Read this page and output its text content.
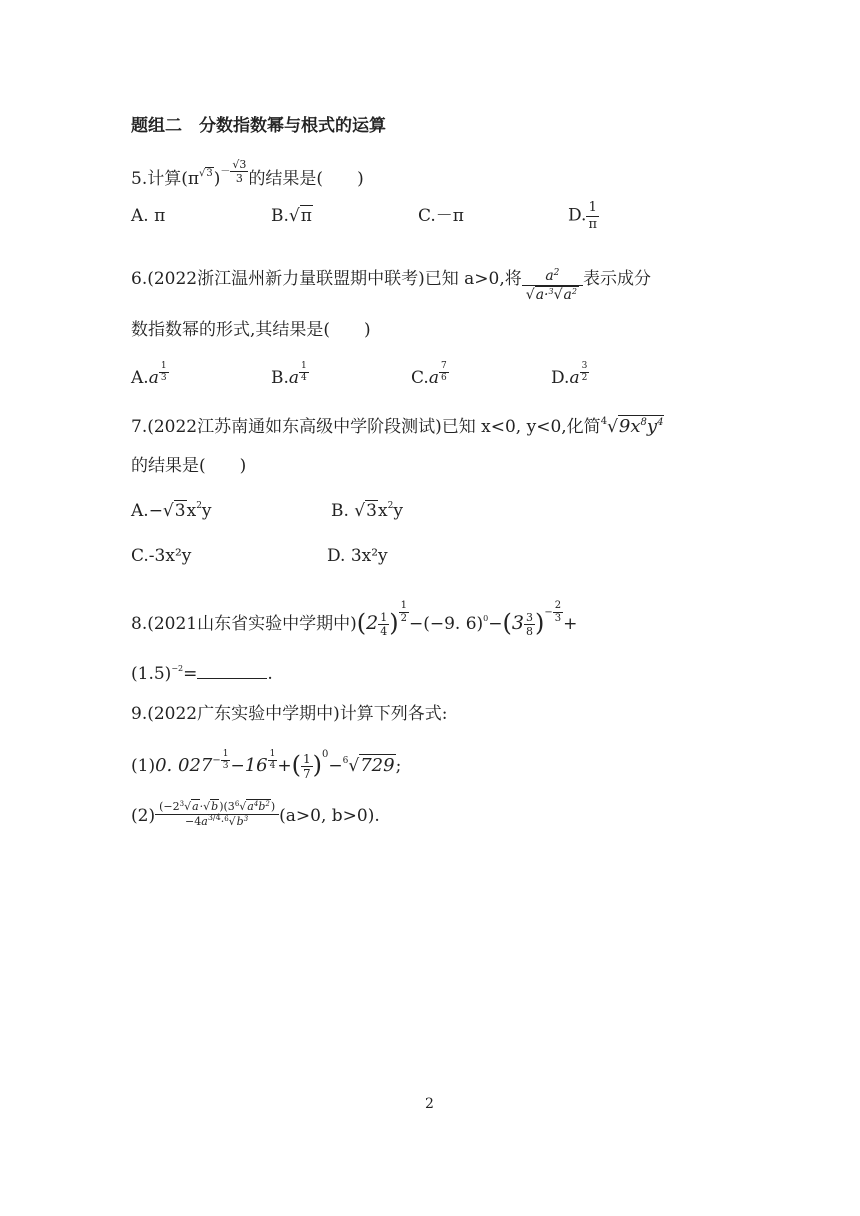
题组二　分数指数幂与根式的运算
5.计算$(\pi^{√3})^{- \frac{√3}{3}}$ 的结果是(　　)
A. π	B.√π	C.－π	D. $\frac{1}{\pi}$
6.(2022浙江温州新力量联盟期中联考)已知 a>0,将 $\frac{a^2}{√a\cdot^3√a^2}$ 表示成分
数指数幂的形式,其结果是(　　)
A.a $^{\frac{1}{3}}$	B.a $^{\frac{1}{4}}$	C.a $^{\frac{7}{6}}$	D.a $^{\frac{3}{2}}$
7.(2022江苏南通如东高级中学阶段测试)已知 x<0, y<0,化简$^4√9x^8y^4$
的结果是(　　)
$A.-√3x^2y$	B. $√3x^2y$
C.-3x²y	D. 3x²y
8.(2021山东省实验中学期中)($2 \frac{1}{4}$ ) $^{\frac{1}{2}}$ −(−9. $6)^0-(3 \frac{3}{8} )^{- \frac{2}{3}}$ +
$(1.5)^{-2}=$	.
9.(2022广东实验中学期中)计算下列各式:
(1)0. $027^{- \frac{1}{3}} -16$ $^{\frac{1}{4}}$ +( $\frac{1}{7} )^0-^6√729$;
$(2) \frac{(-2^3√a\cdot√b)(3^6√a^4b^2)}{-4a^{3/4}\cdot^6√b^3} (a>0$, b>0).
2
